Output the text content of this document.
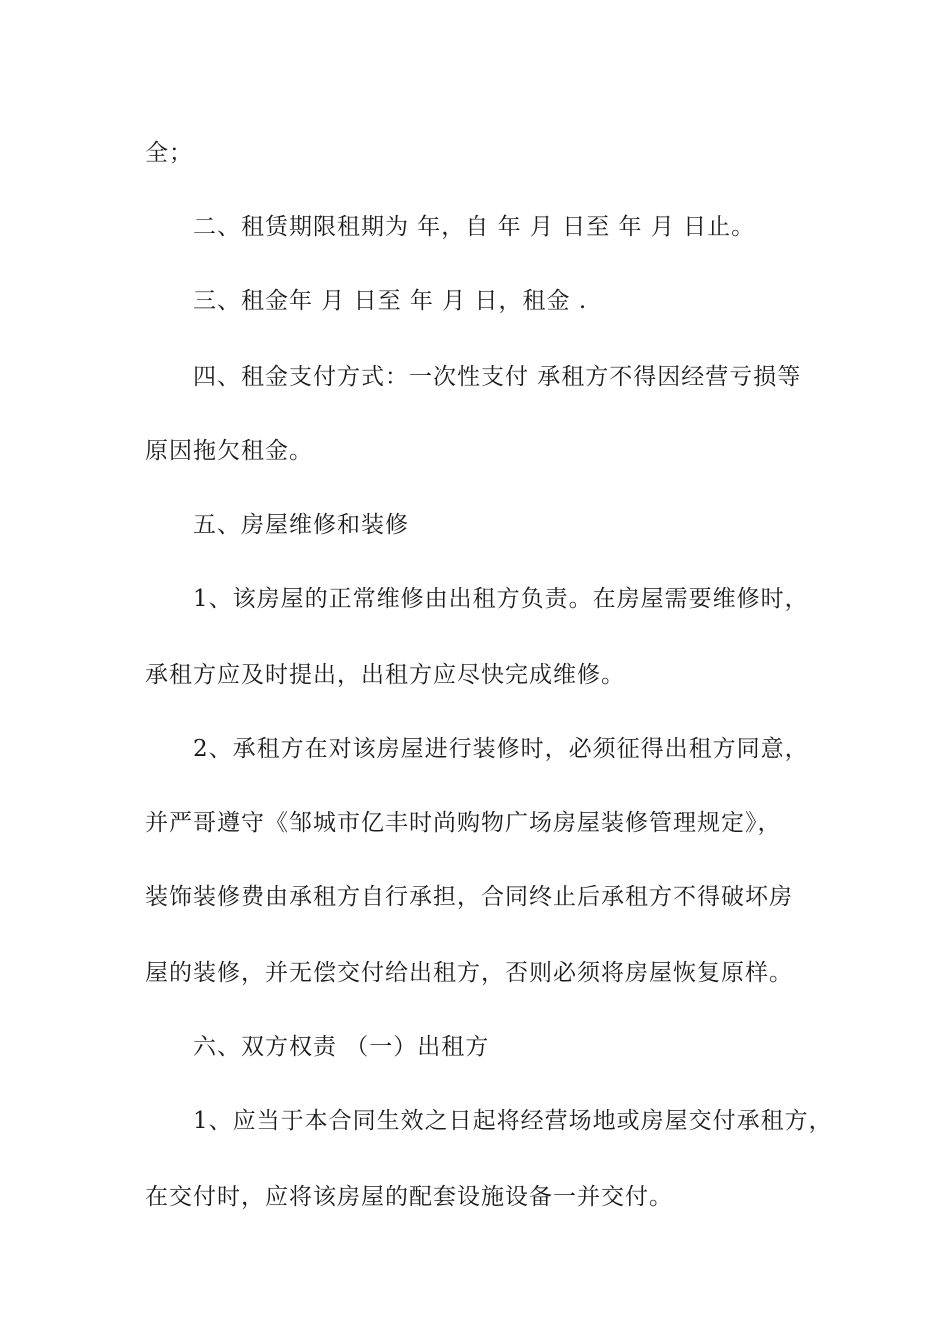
全；
二、租赁期限租期为 年，自 年 月 日至 年 月 日止。
三、租金年 月 日至 年 月 日，租金 .
四、租金支付方式：一次性支付 承租方不得因经营亏损等
原因拖欠租金。
五、房屋维修和装修
1、该房屋的正常维修由出租方负责。在房屋需要维修时，
承租方应及时提出，出租方应尽快完成维修。
2、承租方在对该房屋进行装修时，必须征得出租方同意，
并严哥遵守《邹城市亿丰时尚购物广场房屋装修管理规定》，
装饰装修费由承租方自行承担，合同终止后承租方不得破坏房
屋的装修，并无偿交付给出租方，否则必须将房屋恢复原样。
六、双方权责 （一）出租方
1、应当于本合同生效之日起将经营场地或房屋交付承租方，
在交付时，应将该房屋的配套设施设备一并交付。
